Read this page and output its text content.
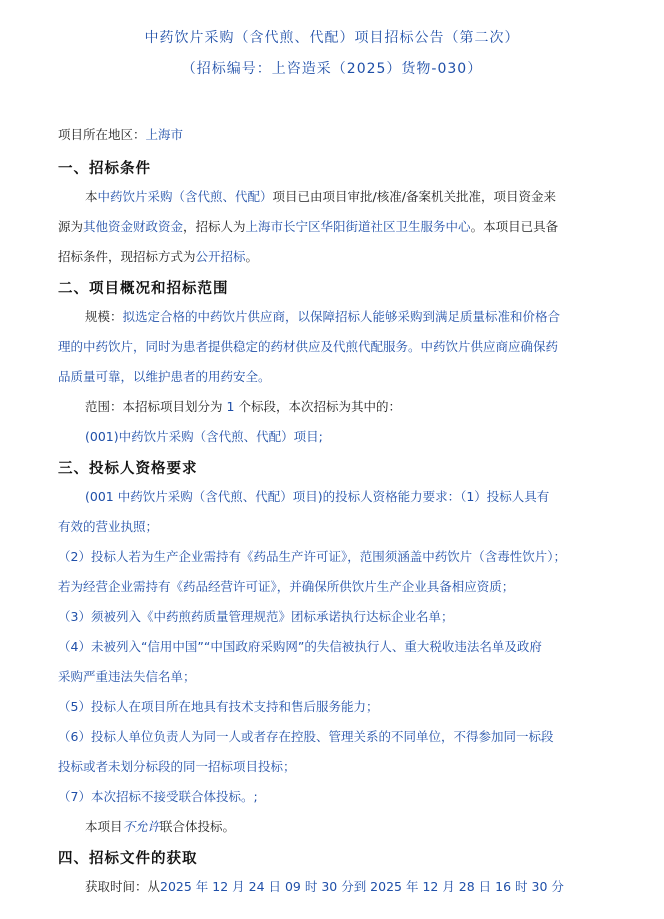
中药饮片采购（含代煎、代配）项目招标公告（第二次）
（招标编号：上咨造采（2025）货物-030）
项目所在地区：上海市
一、招标条件
本中药饮片采购（含代煎、代配）项目已由项目审批/核准/备案机关批准，项目资金来
源为其他资金财政资金，招标人为上海市长宁区华阳街道社区卫生服务中心。本项目已具备
招标条件，现招标方式为公开招标。
二、项目概况和招标范围
规模：拟选定合格的中药饮片供应商，以保障招标人能够采购到满足质量标准和价格合
理的中药饮片，同时为患者提供稳定的药材供应及代煎代配服务。中药饮片供应商应确保药
品质量可靠，以维护患者的用药安全。
范围：本招标项目划分为 1 个标段，本次招标为其中的：
(001)中药饮片采购（含代煎、代配）项目;
三、投标人资格要求
(001 中药饮片采购（含代煎、代配）项目)的投标人资格能力要求：（1）投标人具有
有效的营业执照；
（2）投标人若为生产企业需持有《药品生产许可证》，范围须涵盖中药饮片（含毒性饮片）；
若为经营企业需持有《药品经营许可证》，并确保所供饮片生产企业具备相应资质；
（3）须被列入《中药煎药质量管理规范》团标承诺执行达标企业名单；
（4）未被列入“信用中国”“中国政府采购网”的失信被执行人、重大税收违法名单及政府
采购严重违法失信名单；
（5）投标人在项目所在地具有技术支持和售后服务能力；
（6）投标人单位负责人为同一人或者存在控股、管理关系的不同单位，不得参加同一标段
投标或者未划分标段的同一招标项目投标；
（7）本次招标不接受联合体投标。;
本项目不允许联合体投标。
四、招标文件的获取
获取时间：从2025 年 12 月 24 日 09 时 30 分到 2025 年 12 月 28 日 16 时 30 分
